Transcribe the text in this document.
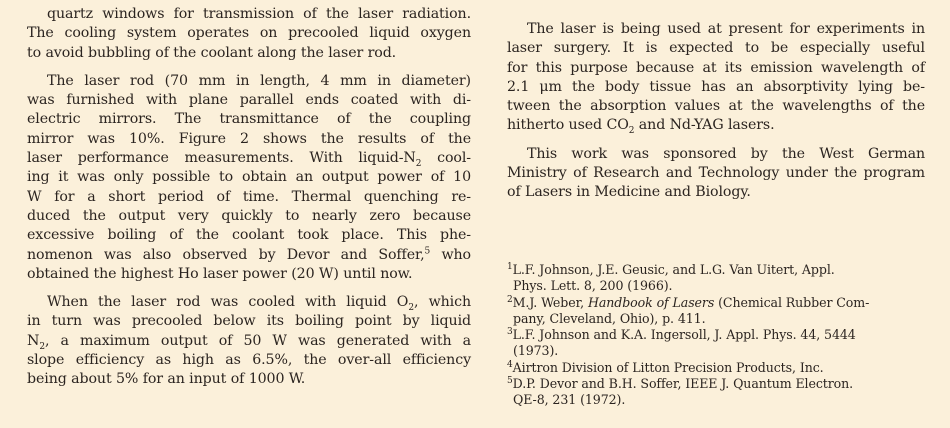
quartz windows for transmission of the laser radiation.
The cooling system operates on precooled liquid oxygen
to avoid bubbling of the coolant along the laser rod.
The laser rod (70 mm in length, 4 mm in diameter)
was furnished with plane parallel ends coated with di-
electric mirrors. The transmittance of the coupling
mirror was 10%. Figure 2 shows the results of the
laser performance measurements. With liquid-$N_2$ cool-
ing it was only possible to obtain an output power of 10
W for a short period of time. Thermal quenching re-
duced the output very quickly to nearly zero because
excessive boiling of the coolant took place. This phe-
nomenon was also observed by Devor and Soffer,$^5$ who
obtained the highest Ho laser power (20 W) until now.
When the laser rod was cooled with liquid $O_2$, which
in turn was precooled below its boiling point by liquid
$N_2$, a maximum output of 50 W was generated with a
slope efficiency as high as 6.5%, the over-all efficiency
being about 5% for an input of 1000 W.
The laser is being used at present for experiments in
laser surgery. It is expected to be especially useful
for this purpose because at its emission wavelength of
2.1 μm the body tissue has an absorptivity lying be-
tween the absorption values at the wavelengths of the
hitherto used $CO_2$ and Nd-YAG lasers.
This work was sponsored by the West German
Ministry of Research and Technology under the program
of Lasers in Medicine and Biology.
$^1$L.F. Johnson, J.E. Geusic, and L.G. Van Uitert, Appl.
Phys. Lett. 8, 200 (1966).
$^2$M.J. Weber, Handbook of Lasers (Chemical Rubber Com-
pany, Cleveland, Ohio), p. 411.
$^3$L.F. Johnson and K.A. Ingersoll, J. Appl. Phys. 44, 5444
(1973).
$^4$Airtron Division of Litton Precision Products, Inc.
$^5$D.P. Devor and B.H. Soffer, IEEE J. Quantum Electron.
QE-8, 231 (1972).
